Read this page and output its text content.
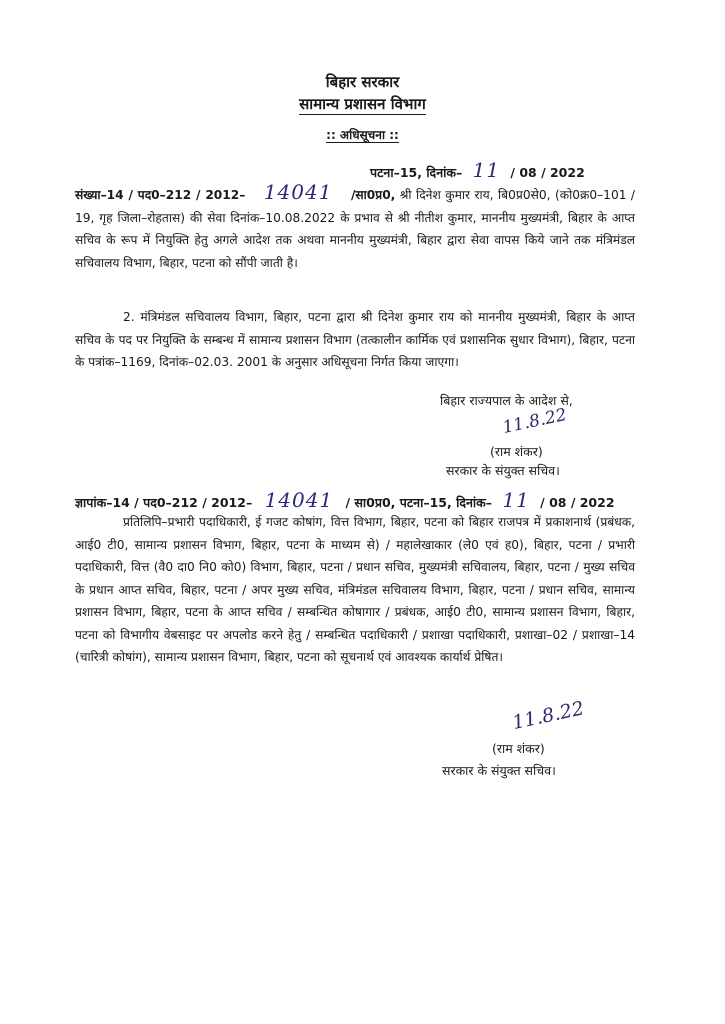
बिहार सरकार
सामान्य प्रशासन विभाग
:: अधिसूचना ::
पटना–15, दिनांक– 11 / 08 / 2022
संख्या–14 / पद0–212 / 2012– 14041 /सा0प्र0, श्री दिनेश कुमार राय, बि0प्र0से0, (को0क्र0–101 / 19, गृह जिला–रोहतास) की सेवा दिनांक–10.08.2022 के प्रभाव से श्री नीतीश कुमार, माननीय मुख्यमंत्री, बिहार के आप्त सचिव के रूप में नियुक्ति हेतु अगले आदेश तक अथवा माननीय मुख्यमंत्री, बिहार द्वारा सेवा वापस किये जाने तक मंत्रिमंडल सचिवालय विभाग, बिहार, पटना को सौंपी जाती है।
2. मंत्रिमंडल सचिवालय विभाग, बिहार, पटना द्वारा श्री दिनेश कुमार राय को माननीय मुख्यमंत्री, बिहार के आप्त सचिव के पद पर नियुक्ति के सम्बन्ध में सामान्य प्रशासन विभाग (तत्कालीन कार्मिक एवं प्रशासनिक सुधार विभाग), बिहार, पटना के पत्रांक–1169, दिनांक–02.03. 2001 के अनुसार अधिसूचना निर्गत किया जाएगा।
बिहार राज्यपाल के आदेश से,
11.8.22
(राम शंकर)
सरकार के संयुक्त सचिव।
ज्ञापांक–14 / पद0–212 / 2012– 14041 / सा0प्र0, पटना–15, दिनांक– 11 / 08 / 2022
प्रतिलिपि–प्रभारी पदाधिकारी, ई गजट कोषांग, वित्त विभाग, बिहार, पटना को बिहार राजपत्र में प्रकाशनार्थ (प्रबंधक, आई0 टी0, सामान्य प्रशासन विभाग, बिहार, पटना के माध्यम से) / महालेखाकार (ले0 एवं ह0), बिहार, पटना / प्रभारी पदाधिकारी, वित्त (वै0 दा0 नि0 को0) विभाग, बिहार, पटना / प्रधान सचिव, मुख्यमंत्री सचिवालय, बिहार, पटना / मुख्य सचिव के प्रधान आप्त सचिव, बिहार, पटना / अपर मुख्य सचिव, मंत्रिमंडल सचिवालय विभाग, बिहार, पटना / प्रधान सचिव, सामान्य प्रशासन विभाग, बिहार, पटना के आप्त सचिव / सम्बन्धित कोषागार / प्रबंधक, आई0 टी0, सामान्य प्रशासन विभाग, बिहार, पटना को विभागीय वेबसाइट पर अपलोड करने हेतु / सम्बन्धित पदाधिकारी / प्रशाखा पदाधिकारी, प्रशाखा–02 / प्रशाखा–14 (चारित्री कोषांग), सामान्य प्रशासन विभाग, बिहार, पटना को सूचनार्थ एवं आवश्यक कार्यार्थ प्रेषित।
11.8.22
(राम शंकर)
सरकार के संयुक्त सचिव।
